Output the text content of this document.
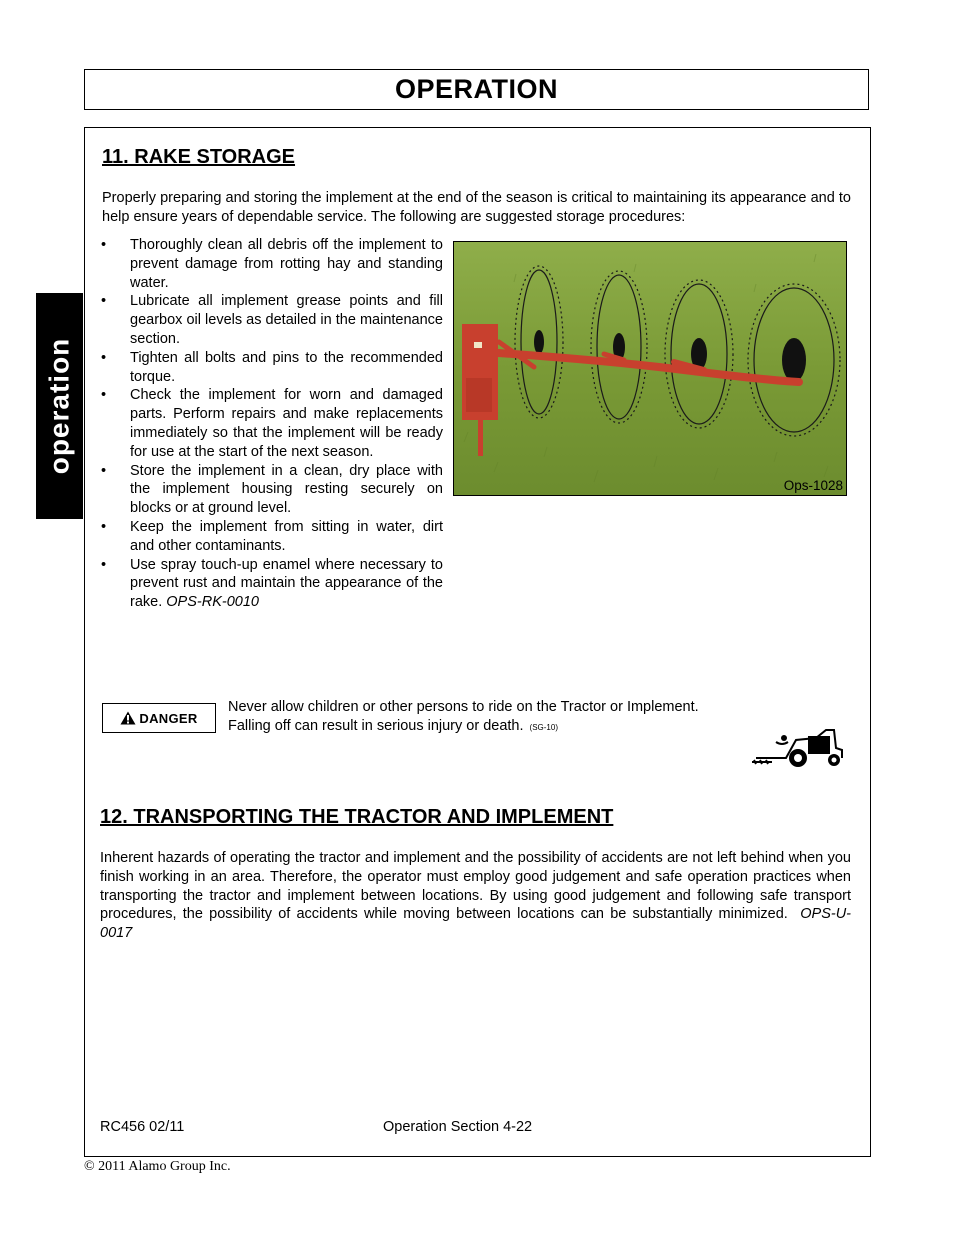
OPERATION
operation
11. RAKE STORAGE
Properly preparing and storing the implement at the end of the season is critical to maintaining its appearance and to help ensure years of dependable service. The following are suggested storage procedures:
• Thoroughly clean all debris off the implement to prevent damage from rotting hay and standing water.
• Lubricate all implement grease points and fill gearbox oil levels as detailed in the maintenance section.
• Tighten all bolts and pins to the recommended torque.
• Check the implement for worn and damaged parts. Perform repairs and make replacements immediately so that the implement will be ready for use at the start of the next season.
• Store the implement in a clean, dry place with the implement housing resting securely on blocks or at ground level.
• Keep the implement from sitting in water, dirt and other contaminants.
• Use spray touch-up enamel where necessary to prevent rust and maintain the appearance of the rake. OPS-RK-0010
Ops-1028
DANGER
Never allow children or other persons to ride on the Tractor or Implement.
Falling off can result in serious injury or death. (SG-10)
12. TRANSPORTING THE TRACTOR AND IMPLEMENT
Inherent hazards of operating the tractor and implement and the possibility of accidents are not left behind when you finish working in an area. Therefore, the operator must employ good judgement and safe operation practices when transporting the tractor and implement between locations. By using good judgement and following safe transport procedures, the possibility of accidents while moving between locations can be substantially minimized. OPS-U- 0017
RC456 02/11	Operation Section 4-22
© 2011 Alamo Group Inc.
